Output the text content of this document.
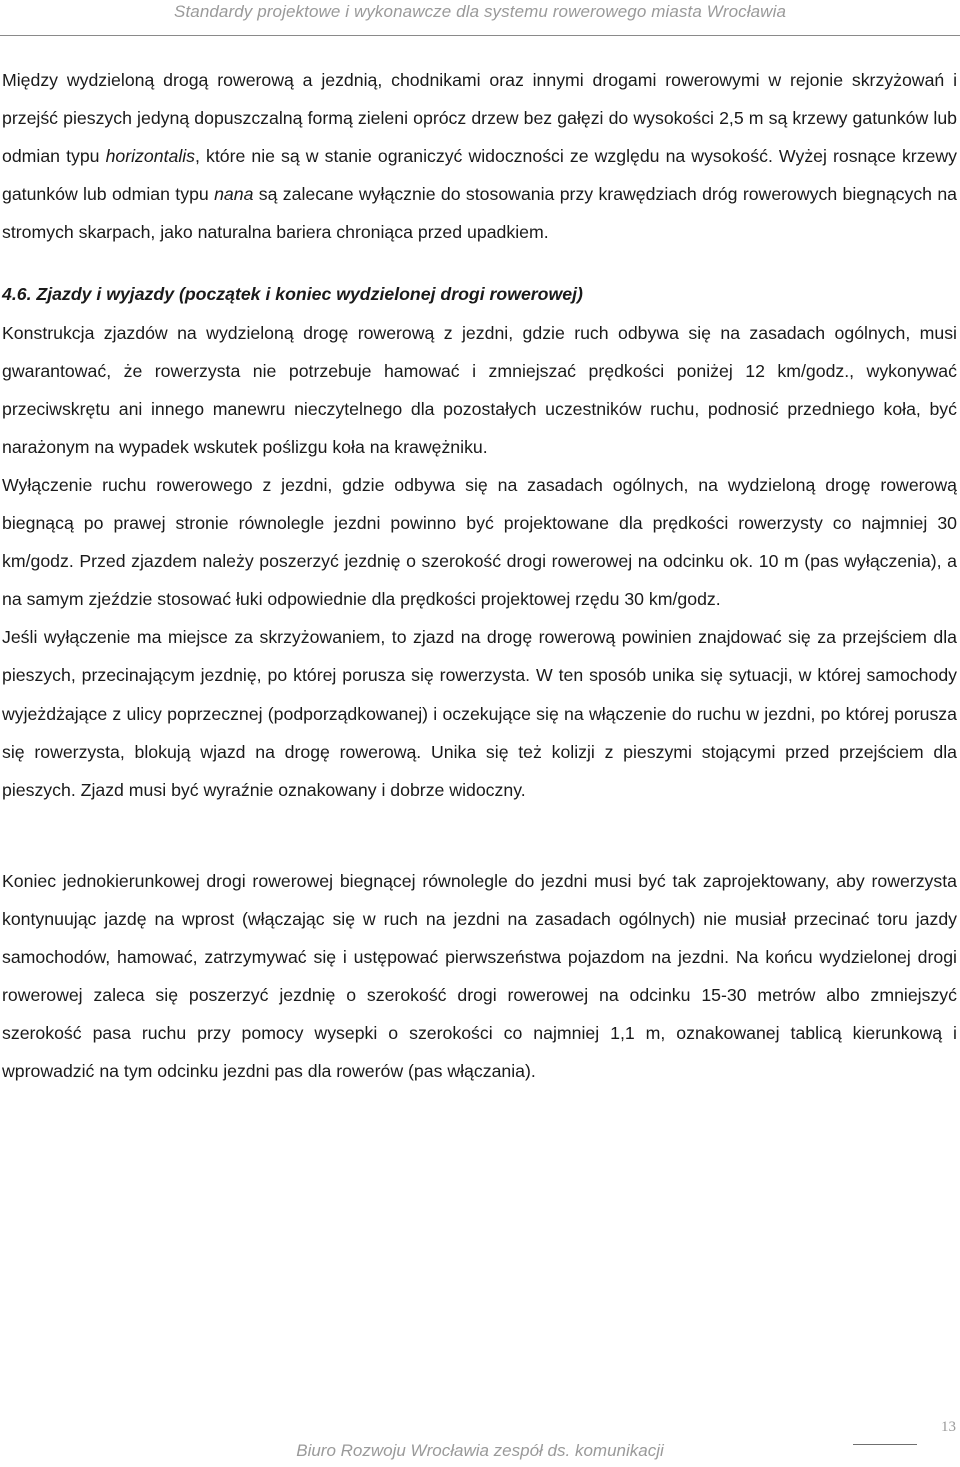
Standardy projektowe i wykonawcze dla systemu rowerowego miasta Wrocławia

Między wydzieloną drogą rowerową a jezdnią, chodnikami oraz innymi drogami rowerowymi w rejonie skrzyżowań i przejść pieszych jedyną dopuszczalną formą zieleni oprócz drzew bez gałęzi do wysokości 2,5 m są krzewy gatunków lub odmian typu horizontalis, które nie są w stanie ograniczyć widoczności ze względu na wysokość. Wyżej rosnące krzewy gatunków lub odmian typu nana są zalecane wyłącznie do stosowania przy krawędziach dróg rowerowych biegnących na stromych skarpach, jako naturalna bariera chroniąca przed upadkiem.

4.6. Zjazdy i wyjazdy (początek i koniec wydzielonej drogi rowerowej)

Konstrukcja zjazdów na wydzieloną drogę rowerową z jezdni, gdzie ruch odbywa się na zasadach ogólnych, musi gwarantować, że rowerzysta nie potrzebuje hamować i zmniejszać prędkości poniżej 12 km/godz., wykonywać przeciwskrętu ani innego manewru nieczytelnego dla pozostałych uczestników ruchu, podnosić przedniego koła, być narażonym na wypadek wskutek poślizgu koła na krawężniku.

Wyłączenie ruchu rowerowego z jezdni, gdzie odbywa się na zasadach ogólnych, na wydzieloną drogę rowerową biegnącą po prawej stronie równolegle jezdni powinno być projektowane dla prędkości rowerzysty co najmniej 30 km/godz. Przed zjazdem należy poszerzyć jezdnię o szerokość drogi rowerowej na odcinku ok. 10 m (pas wyłączenia), a na samym zjeździe stosować łuki odpowiednie dla prędkości projektowej rzędu 30 km/godz.

Jeśli wyłączenie ma miejsce za skrzyżowaniem, to zjazd na drogę rowerową powinien znajdować się za przejściem dla pieszych, przecinającym jezdnię, po której porusza się rowerzysta. W ten sposób unika się sytuacji, w której samochody wyjeżdżające z ulicy poprzecznej (podporządkowanej) i oczekujące się na włączenie do ruchu w jezdni, po której porusza się rowerzysta, blokują wjazd na drogę rowerową. Unika się też kolizji z pieszymi stojącymi przed przejściem dla pieszych. Zjazd musi być wyraźnie oznakowany i dobrze widoczny.

Koniec jednokierunkowej drogi rowerowej biegnącej równolegle do jezdni musi być tak zaprojektowany, aby rowerzysta kontynuując jazdę na wprost (włączając się w ruch na jezdni na zasadach ogólnych) nie musiał przecinać toru jazdy samochodów, hamować, zatrzymywać się i ustępować pierwszeństwa pojazdom na jezdni. Na końcu wydzielonej drogi rowerowej zaleca się poszerzyć jezdnię o szerokość drogi rowerowej na odcinku 15-30 metrów albo zmniejszyć szerokość pasa ruchu przy pomocy wysepki o szerokości co najmniej 1,1 m, oznakowanej tablicą kierunkową i wprowadzić na tym odcinku jezdni pas dla rowerów (pas włączania).

13
Biuro Rozwoju Wrocławia zespół ds. komunikacji
